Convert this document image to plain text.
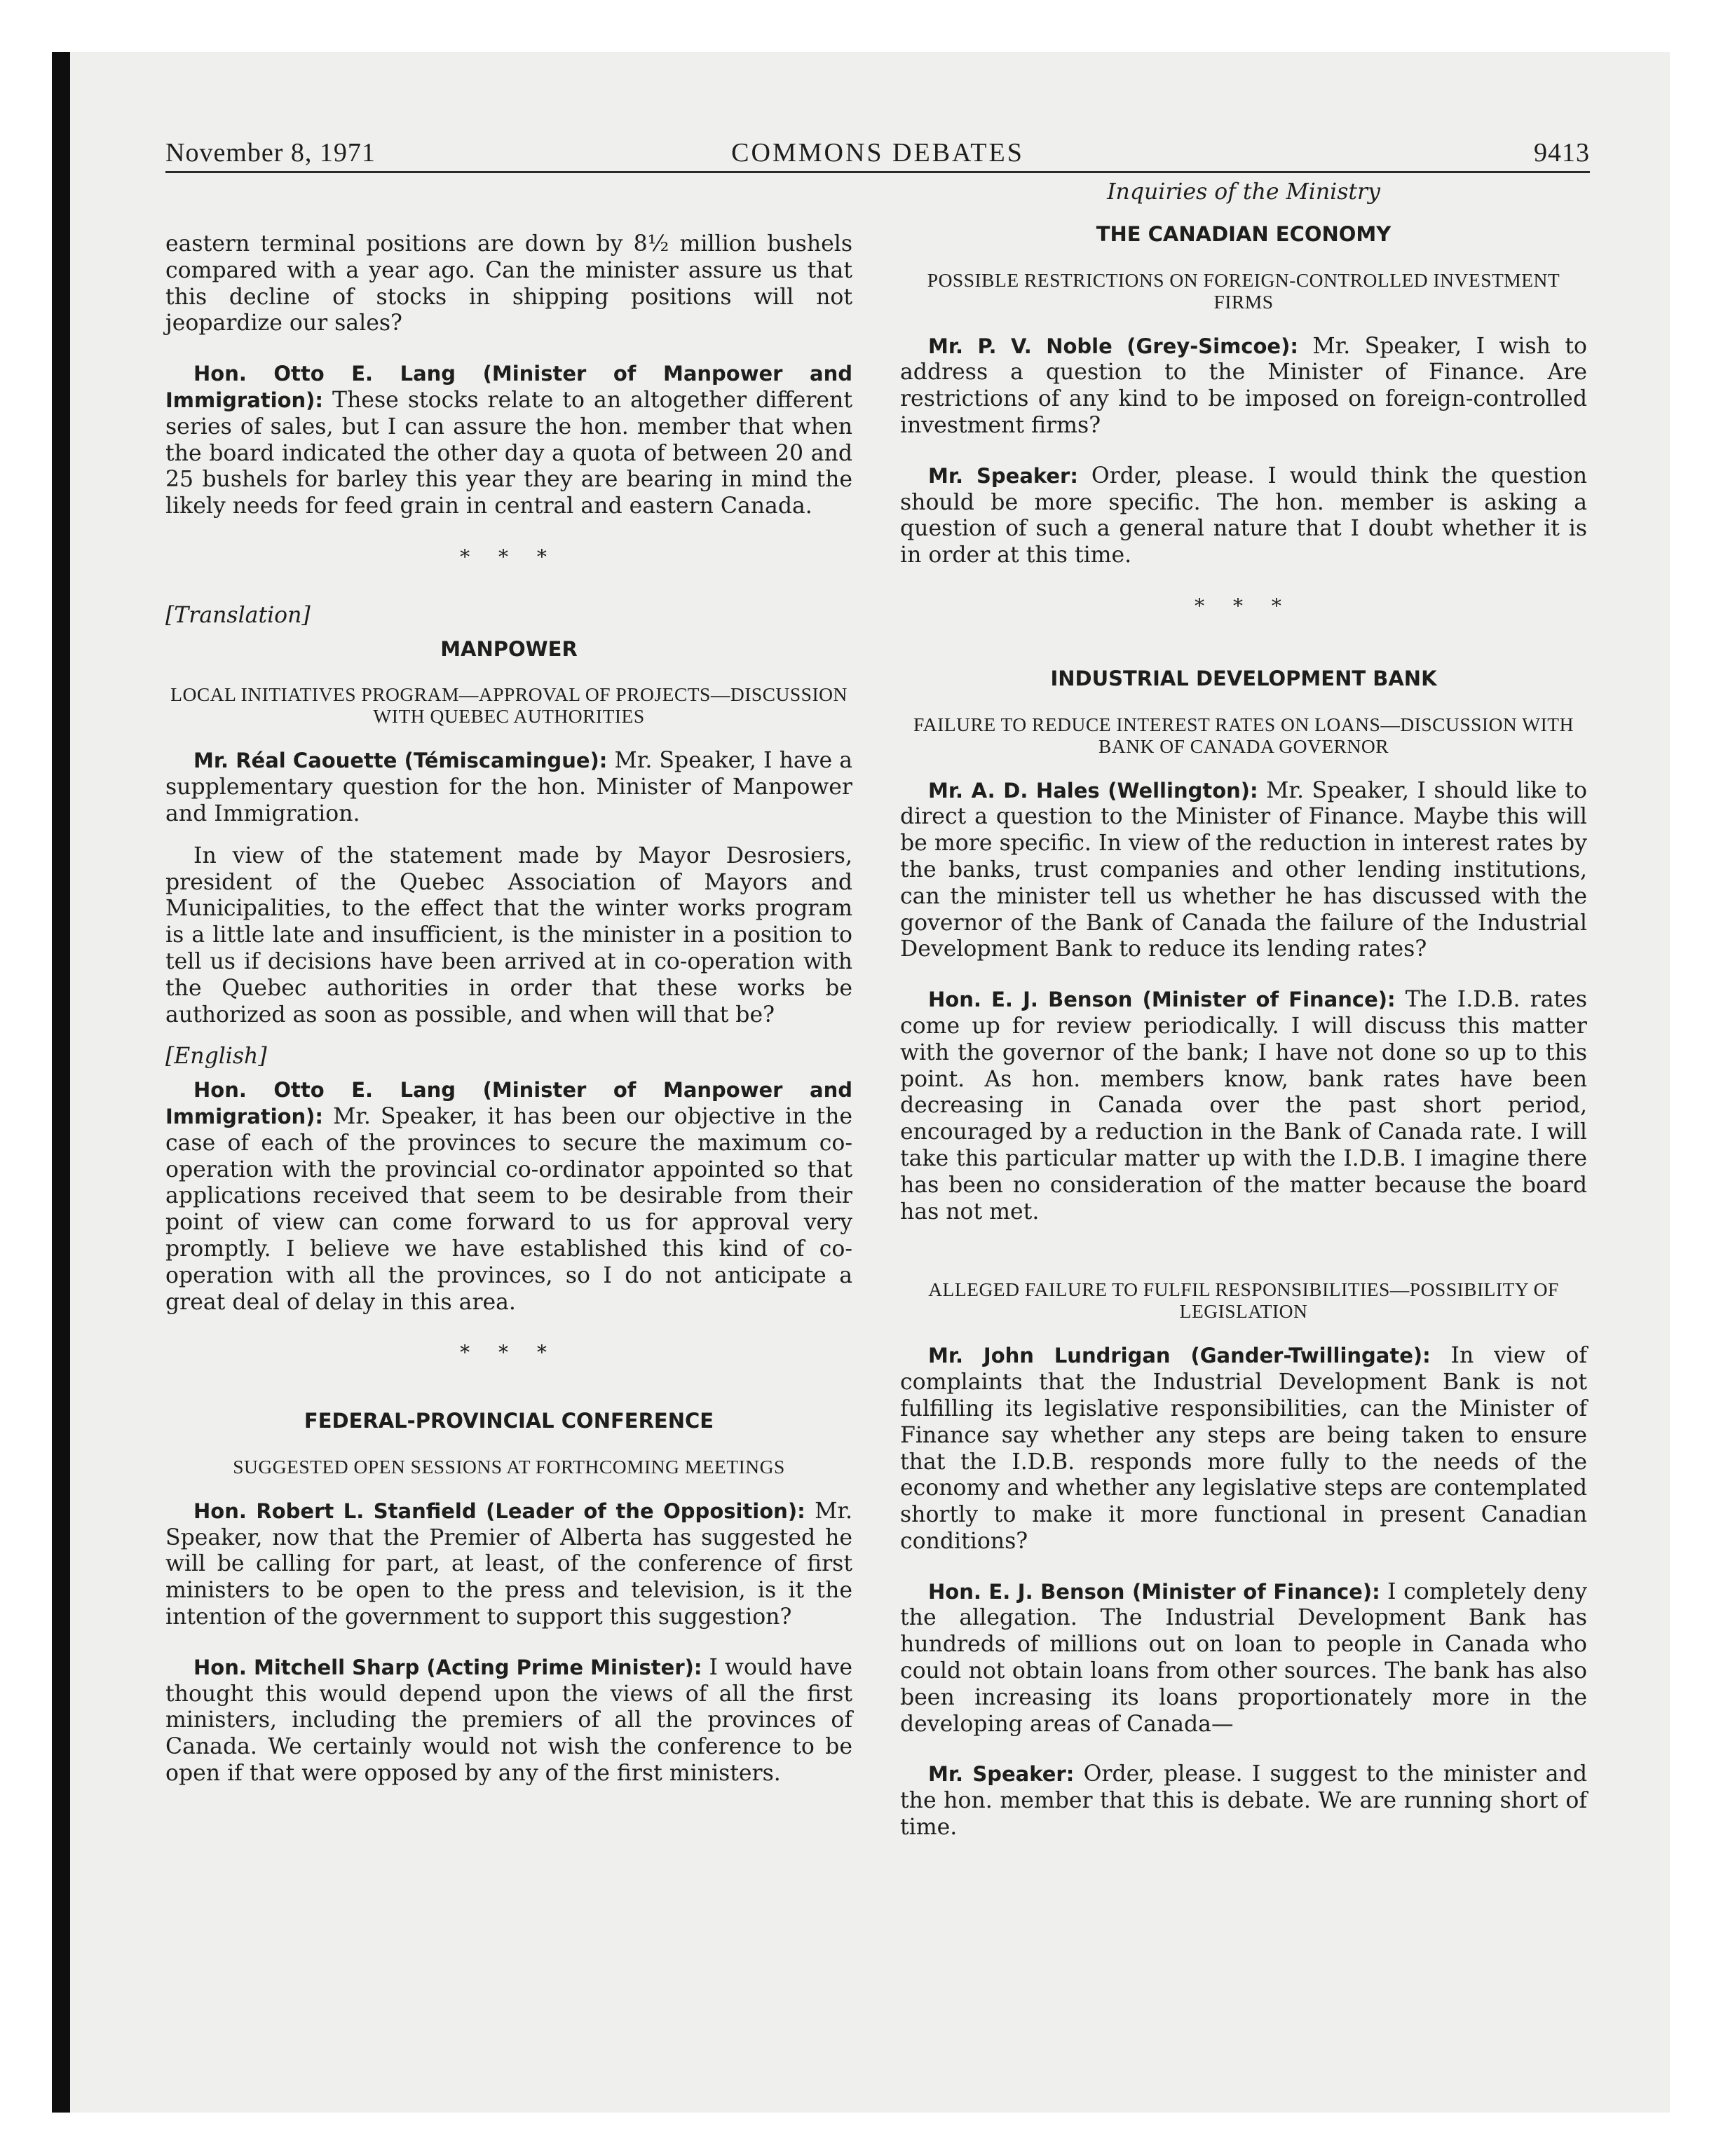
November 8, 1971	COMMONS DEBATES	9413

eastern terminal positions are down by 8½ million bushels compared with a year ago. Can the minister assure us that this decline of stocks in shipping positions will not jeopardize our sales?

Hon. Otto E. Lang (Minister of Manpower and Immigration): These stocks relate to an altogether different series of sales, but I can assure the hon. member that when the board indicated the other day a quota of between 20 and 25 bushels for barley this year they are bearing in mind the likely needs for feed grain in central and eastern Canada.

* * *
[Translation]
MANPOWER
LOCAL INITIATIVES PROGRAM—APPROVAL OF PROJECTS—DISCUSSION WITH QUEBEC AUTHORITIES

Mr. Réal Caouette (Témiscamingue): Mr. Speaker, I have a supplementary question for the hon. Minister of Manpower and Immigration.

In view of the statement made by Mayor Desrosiers, president of the Quebec Association of Mayors and Municipalities, to the effect that the winter works program is a little late and insufficient, is the minister in a position to tell us if decisions have been arrived at in co-operation with the Quebec authorities in order that these works be authorized as soon as possible, and when will that be?

[English]

Hon. Otto E. Lang (Minister of Manpower and Immigration): Mr. Speaker, it has been our objective in the case of each of the provinces to secure the maximum co-operation with the provincial co-ordinator appointed so that applications received that seem to be desirable from their point of view can come forward to us for approval very promptly. I believe we have established this kind of co-operation with all the provinces, so I do not anticipate a great deal of delay in this area.

* * *
FEDERAL-PROVINCIAL CONFERENCE
SUGGESTED OPEN SESSIONS AT FORTHCOMING MEETINGS

Hon. Robert L. Stanfield (Leader of the Opposition): Mr. Speaker, now that the Premier of Alberta has suggested he will be calling for part, at least, of the conference of first ministers to be open to the press and television, is it the intention of the government to support this suggestion?

Hon. Mitchell Sharp (Acting Prime Minister): I would have thought this would depend upon the views of all the first ministers, including the premiers of all the provinces of Canada. We certainly would not wish the conference to be open if that were opposed by any of the first ministers.

Inquiries of the Ministry
THE CANADIAN ECONOMY
POSSIBLE RESTRICTIONS ON FOREIGN-CONTROLLED INVESTMENT FIRMS

Mr. P. V. Noble (Grey-Simcoe): Mr. Speaker, I wish to address a question to the Minister of Finance. Are restrictions of any kind to be imposed on foreign-controlled investment firms?

Mr. Speaker: Order, please. I would think the question should be more specific. The hon. member is asking a question of such a general nature that I doubt whether it is in order at this time.

* * *
INDUSTRIAL DEVELOPMENT BANK
FAILURE TO REDUCE INTEREST RATES ON LOANS—DISCUSSION WITH BANK OF CANADA GOVERNOR

Mr. A. D. Hales (Wellington): Mr. Speaker, I should like to direct a question to the Minister of Finance. Maybe this will be more specific. In view of the reduction in interest rates by the banks, trust companies and other lending institutions, can the minister tell us whether he has discussed with the governor of the Bank of Canada the failure of the Industrial Development Bank to reduce its lending rates?

Hon. E. J. Benson (Minister of Finance): The I.D.B. rates come up for review periodically. I will discuss this matter with the governor of the bank; I have not done so up to this point. As hon. members know, bank rates have been decreasing in Canada over the past short period, encouraged by a reduction in the Bank of Canada rate. I will take this particular matter up with the I.D.B. I imagine there has been no consideration of the matter because the board has not met.

ALLEGED FAILURE TO FULFIL RESPONSIBILITIES—POSSIBILITY OF LEGISLATION

Mr. John Lundrigan (Gander-Twillingate): In view of complaints that the Industrial Development Bank is not fulfilling its legislative responsibilities, can the Minister of Finance say whether any steps are being taken to ensure that the I.D.B. responds more fully to the needs of the economy and whether any legislative steps are contemplated shortly to make it more functional in present Canadian conditions?

Hon. E. J. Benson (Minister of Finance): I completely deny the allegation. The Industrial Development Bank has hundreds of millions out on loan to people in Canada who could not obtain loans from other sources. The bank has also been increasing its loans proportionately more in the developing areas of Canada—

Mr. Speaker: Order, please. I suggest to the minister and the hon. member that this is debate. We are running short of time.
